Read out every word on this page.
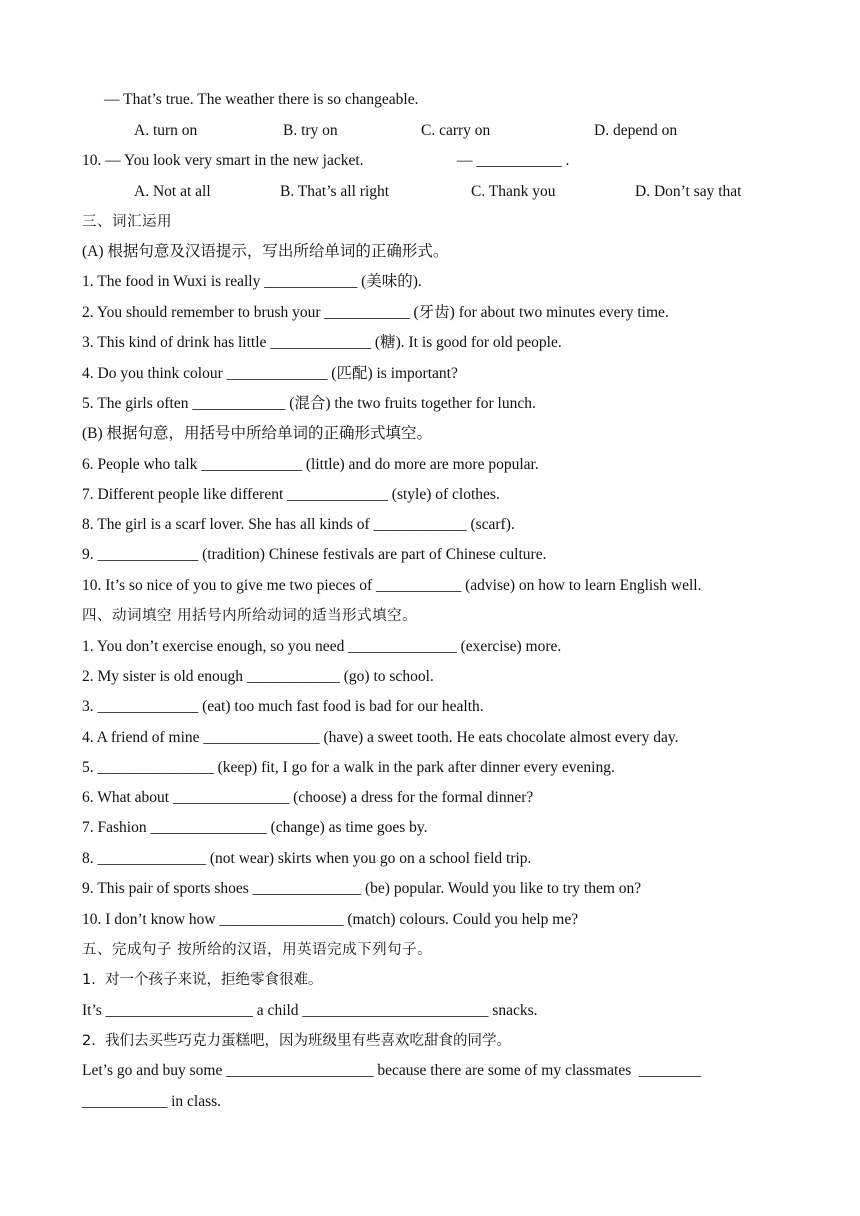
— That’s true. The weather there is so changeable.
A. turn on	B. try on	C. carry on	D. depend on
10. — You look very smart in the new jacket.	— ___________ .
A. Not at all	B. That’s all right	C. Thank you	D. Don’t say that
三、词汇运用
(A) 根据句意及汉语提示，写出所给单词的正确形式。
1. The food in Wuxi is really ____________ (美味的).
2. You should remember to brush your ___________ (牙齿) for about two minutes every time.
3. This kind of drink has little _____________ (糖). It is good for old people.
4. Do you think colour _____________ (匹配) is important?
5. The girls often ____________ (混合) the two fruits together for lunch.
(B) 根据句意，用括号中所给单词的正确形式填空。
6. People who talk _____________ (little) and do more are more popular.
7. Different people like different _____________ (style) of clothes.
8. The girl is a scarf lover. She has all kinds of ____________ (scarf).
9. _____________ (tradition) Chinese festivals are part of Chinese culture.
10. It’s so nice of you to give me two pieces of ___________ (advise) on how to learn English well.
四、动词填空 用括号内所给动词的适当形式填空。
1. You don’t exercise enough, so you need ______________ (exercise) more.
2. My sister is old enough ____________ (go) to school.
3. _____________ (eat) too much fast food is bad for our health.
4. A friend of mine _______________ (have) a sweet tooth. He eats chocolate almost every day.
5. _______________ (keep) fit, I go for a walk in the park after dinner every evening.
6. What about _______________ (choose) a dress for the formal dinner?
7. Fashion _______________ (change) as time goes by.
8. ______________ (not wear) skirts when you go on a school field trip.
9. This pair of sports shoes ______________ (be) popular. Would you like to try them on?
10. I don’t know how ________________ (match) colours. Could you help me?
五、完成句子 按所给的汉语，用英语完成下列句子。
1.  对一个孩子来说，拒绝零食很难。
It’s ___________________ a child ________________________ snacks.
2.  我们去买些巧克力蛋糕吧，因为班级里有些喜欢吃甜食的同学。
Let’s go and buy some ___________________ because there are some of my classmates  ________
___________ in class.
